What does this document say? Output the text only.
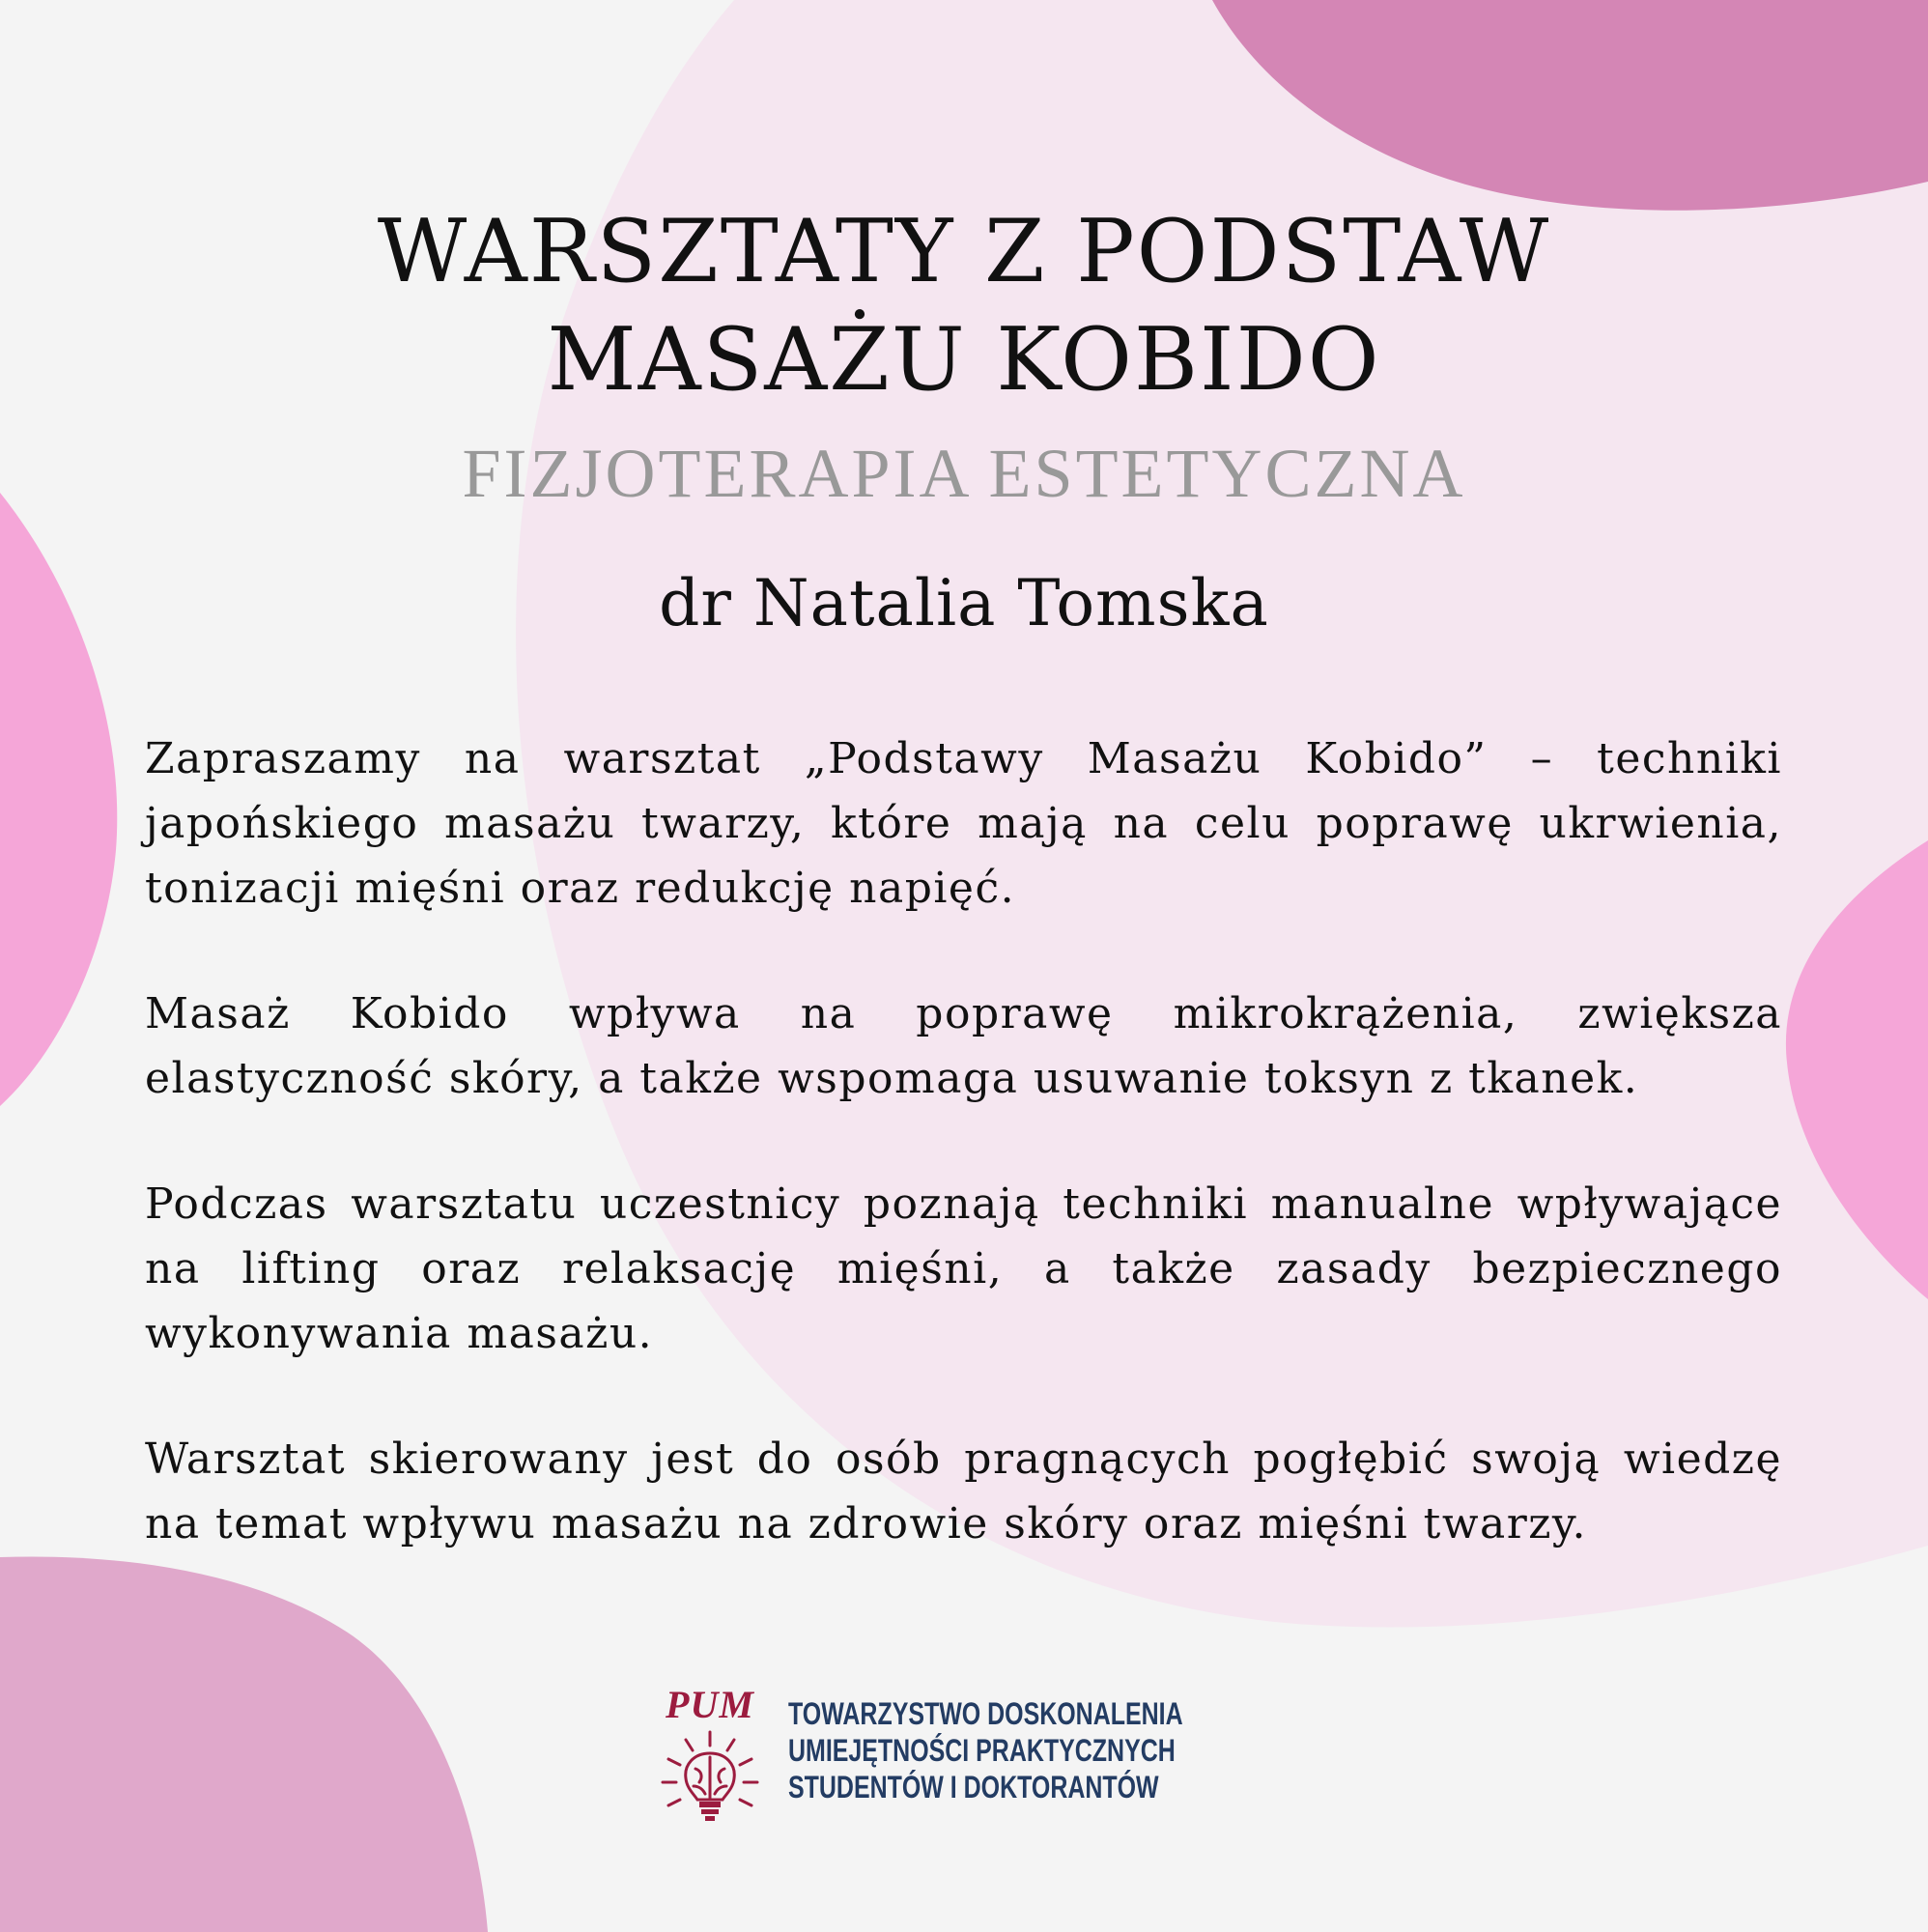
WARSZTATY Z PODSTAW
MASAŻU KOBIDO
FIZJOTERAPIA ESTETYCZNA
dr Natalia Tomska

Zapraszamy na warsztat „Podstawy Masażu Kobido” – techniki japońskiego masażu twarzy, które mają na celu poprawę ukrwienia, tonizacji mięśni oraz redukcję napięć.

Masaż Kobido wpływa na poprawę mikrokrążenia, zwiększa elastyczność skóry, a także wspomaga usuwanie toksyn z tkanek.

Podczas warsztatu uczestnicy poznają techniki manualne wpływające na lifting oraz relaksację mięśni, a także zasady bezpiecznego wykonywania masażu.

Warsztat skierowany jest do osób pragnących pogłębić swoją wiedzę na temat wpływu masażu na zdrowie skóry oraz mięśni twarzy.

PUM TOWARZYSTWO DOSKONALENIA
UMIEJĘTNOŚCI PRAKTYCZNYCH
STUDENTÓW I DOKTORANTÓW
